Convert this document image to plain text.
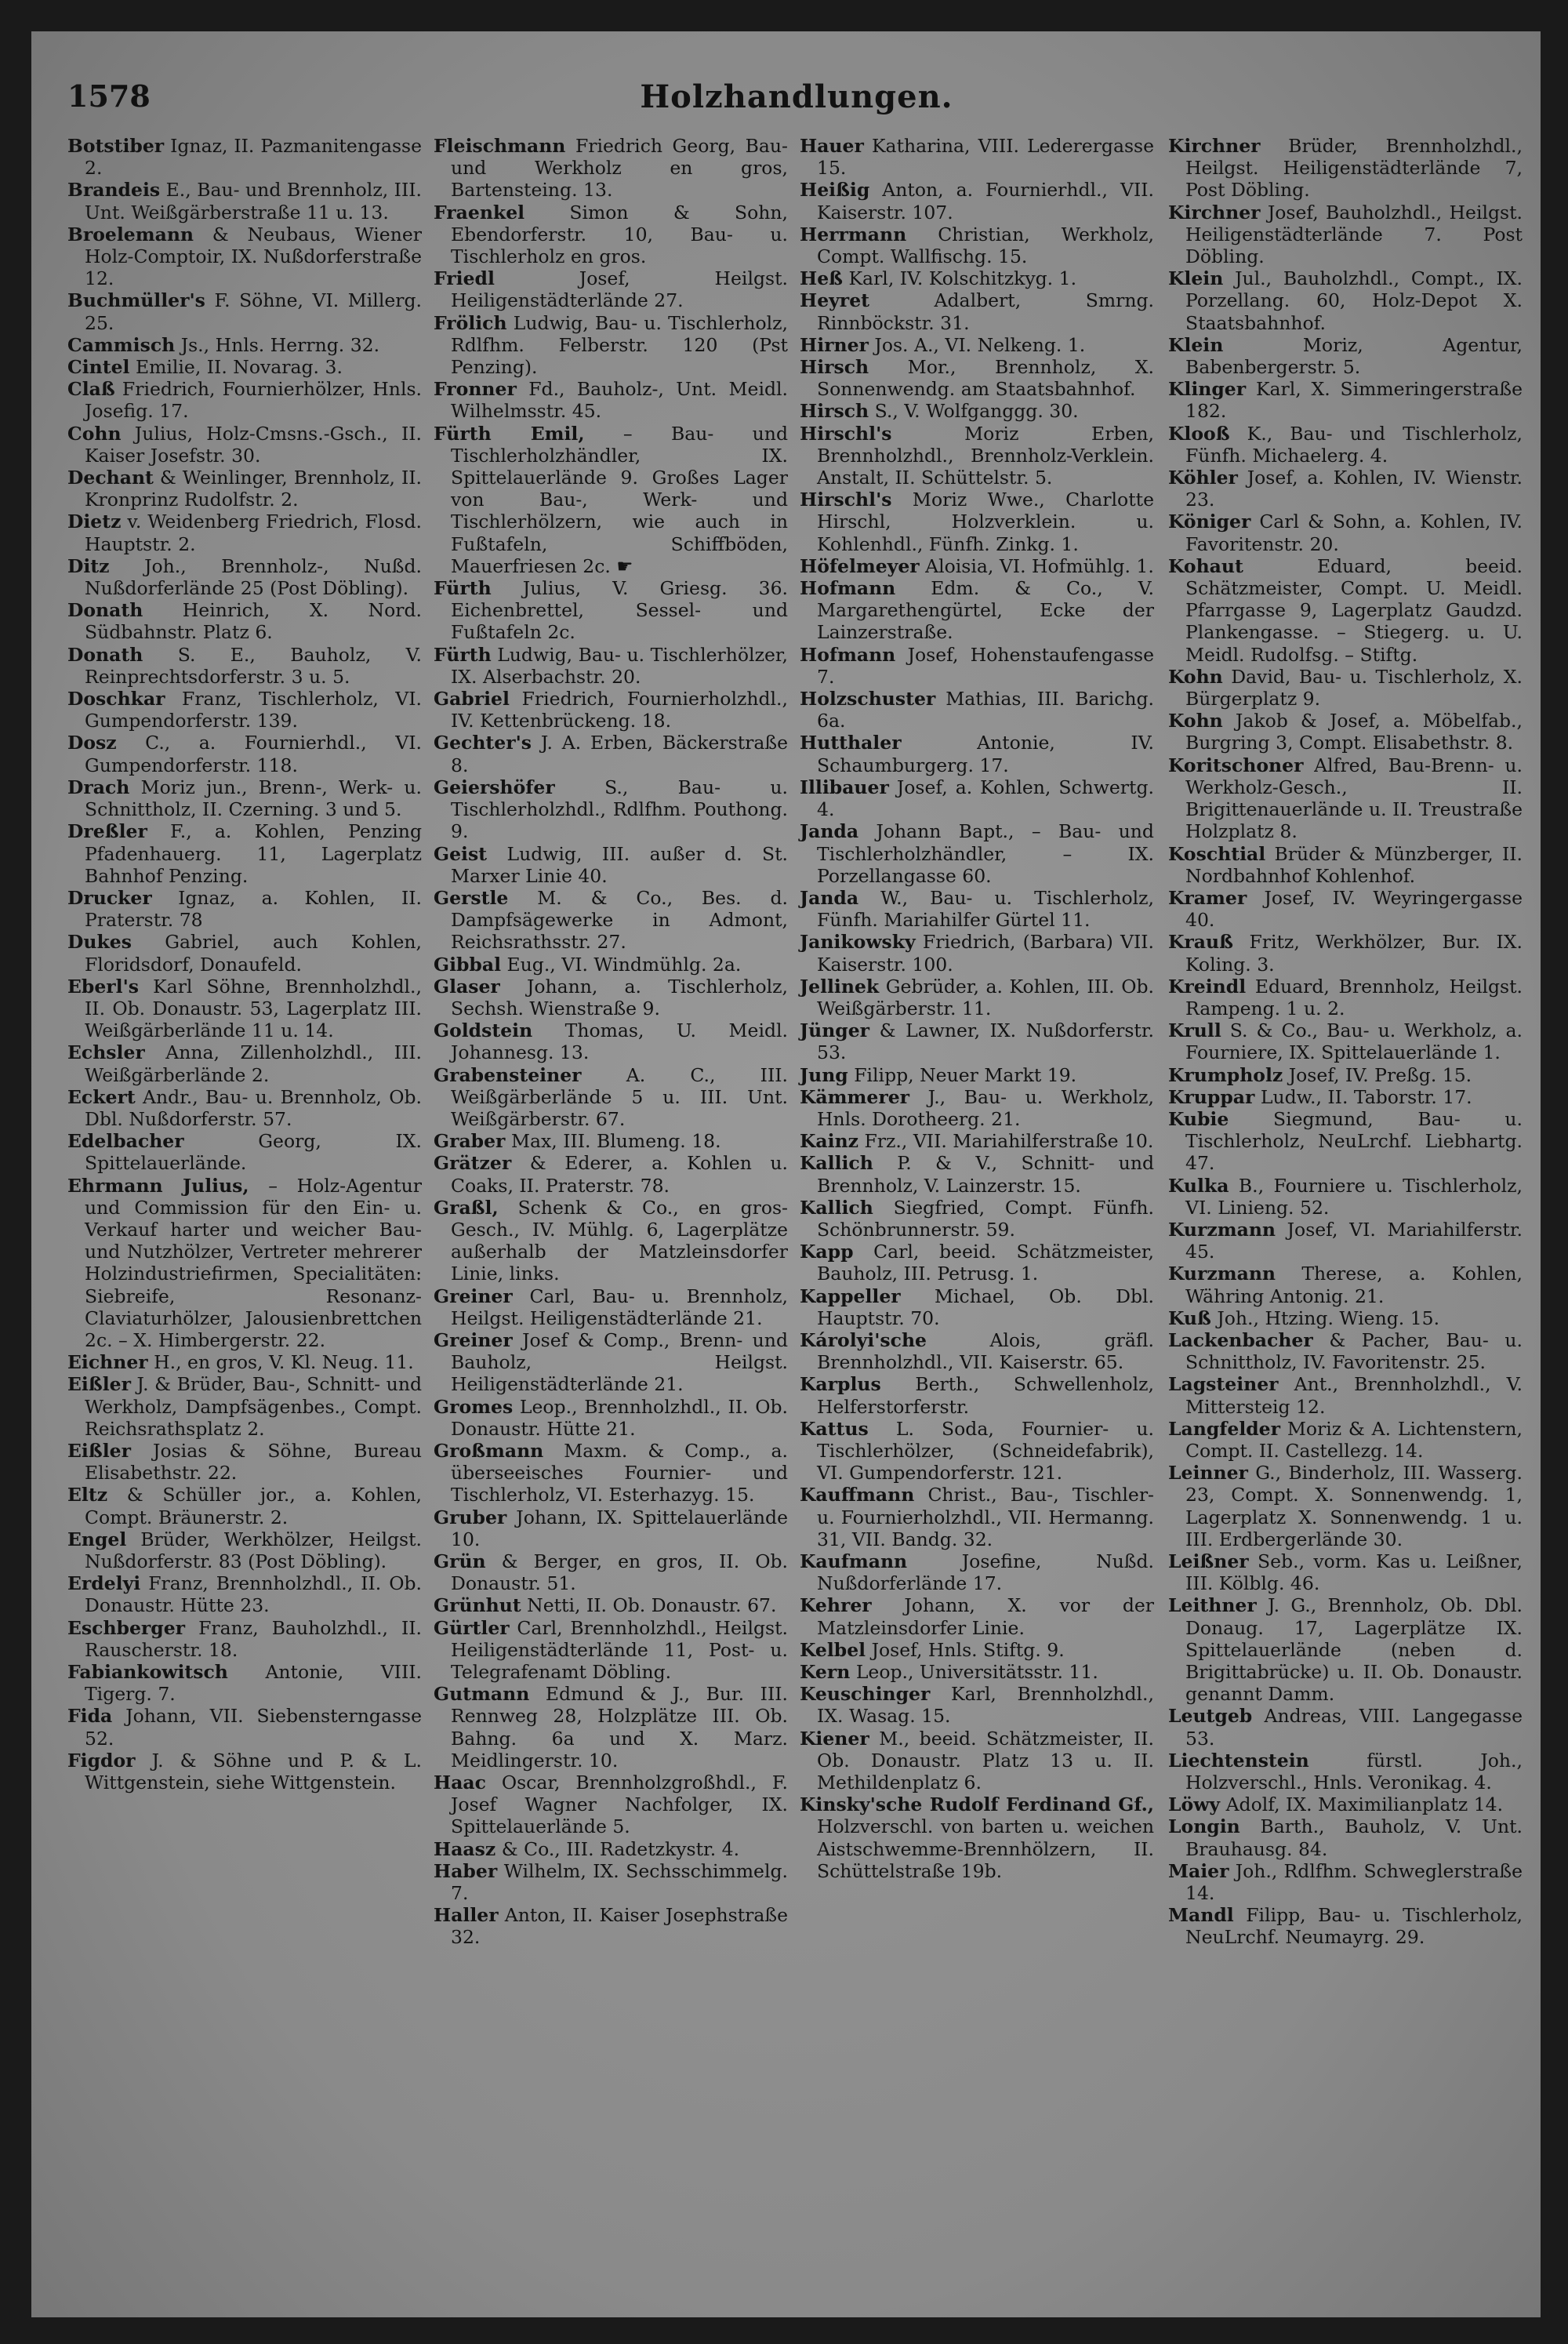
1578	Holzhandlungen.

Botstiber Ignaz, II. Pazmanitengasse 2.

Brandeis E., Bau- und Brennholz, III. Unt. Weißgärberstraße 11 u. 13.

Broelemann & Neubaus, Wiener Holz-Comptoir, IX. Nußdorferstraße 12.

Buchmüller's F. Söhne, VI. Millerg. 25.

Cammisch Js., Hnls. Herrng. 32.

Cintel Emilie, II. Novarag. 3.

Claß Friedrich, Fournierhölzer, Hnls. Josefig. 17.

Cohn Julius, Holz-Cmsns.-Gsch., II. Kaiser Josefstr. 30.

Dechant & Weinlinger, Brennholz, II. Kronprinz Rudolfstr. 2.

Dietz v. Weidenberg Friedrich, Flosd. Hauptstr. 2.

Ditz Joh., Brennholz-, Nußd. Nußdorferlände 25 (Post Döbling).

Donath Heinrich, X. Nord. Südbahnstr. Platz 6.

Donath S. E., Bauholz, V. Reinprechtsdorferstr. 3 u. 5.

Doschkar Franz, Tischlerholz, VI. Gumpendorferstr. 139.

Dosz C., a. Fournierhdl., VI. Gumpendorferstr. 118.

Drach Moriz jun., Brenn-, Werk- u. Schnittholz, II. Czerning. 3 und 5.

Dreßler F., a. Kohlen, Penzing Pfadenhauerg. 11, Lagerplatz Bahnhof Penzing.

Drucker Ignaz, a. Kohlen, II. Praterstr. 78

Dukes Gabriel, auch Kohlen, Floridsdorf, Donaufeld.

Eberl's Karl Söhne, Brennholzhdl., II. Ob. Donaustr. 53, Lagerplatz III. Weißgärberlände 11 u. 14.

Echsler Anna, Zillenholzhdl., III. Weißgärberlände 2.

Eckert Andr., Bau- u. Brennholz, Ob. Dbl. Nußdorferstr. 57.

Edelbacher	Georg, IX. Spittelauerlände.

Ehrmann Julius, – Holz-Agentur und Commission für den Ein- u. Verkauf harter und weicher Bau- und Nutzhölzer, Vertreter mehrerer Holzindustriefirmen, Specialitäten: Siebreife, Resonanz-Claviaturhölzer, Jalousienbrettchen 2c. – X. Himbergerstr. 22.

Eichner H., en gros, V. Kl. Neug. 11.

Eißler J. & Brüder, Bau-, Schnitt- und Werkholz, Dampfsägenbes., Compt. Reichsrathsplatz 2.

Eißler Josias & Söhne, Bureau Elisabethstr. 22.

Eltz & Schüller jor., a. Kohlen, Compt. Bräunerstr. 2.

Engel Brüder, Werkhölzer, Heilgst. Nußdorferstr. 83 (Post Döbling).

Erdelyi Franz, Brennholzhdl., II. Ob. Donaustr. Hütte 23.

Eschberger Franz, Bauholzhdl., II. Rauscherstr. 18.

Fabiankowitsch Antonie, VIII. Tigerg. 7.

Fida Johann, VII. Siebensterngasse 52.

Figdor J. & Söhne und P. & L. Wittgenstein, siehe Wittgenstein.

Fleischmann Friedrich Georg, Bau- und Werkholz en gros, Bartensteing. 13.

Fraenkel Simon & Sohn, Ebendorferstr. 10, Bau- u. Tischlerholz en gros.

Friedl	Josef, Heilgst. Heiligenstädterlände 27.

Frölich Ludwig, Bau- u. Tischlerholz, Rdlfhm. Felberstr. 120 (Pst Penzing).

Fronner Fd., Bauholz-, Unt. Meidl. Wilhelmsstr. 45.

Fürth Emil, – Bau- und Tischlerholzhändler, IX. Spittelauerlände 9. Großes Lager von Bau-, Werk- und Tischlerhölzern, wie auch in Fußtafeln, Schiffböden, Mauerfriesen 2c. ☛

Fürth Julius, V. Griesg. 36. Eichenbrettel, Sessel- und Fußtafeln 2c.

Fürth Ludwig, Bau- u. Tischlerhölzer, IX. Alserbachstr. 20.

Gabriel Friedrich, Fournierholzhdl., IV. Kettenbrückeng. 18.

Gechter's J. A. Erben, Bäckerstraße 8.

Geiershöfer	S., Bau- u. Tischlerholzhdl., Rdlfhm. Pouthong. 9.

Geist Ludwig, III. außer d. St. Marxer Linie 40.

Gerstle M. & Co., Bes. d. Dampfsägewerke in Admont, Reichsrathsstr. 27.

Gibbal Eug., VI. Windmühlg. 2a.

Glaser Johann, a. Tischlerholz, Sechsh. Wienstraße 9.

Goldstein Thomas, U. Meidl. Johannesg. 13.

Grabensteiner A. C., III. Weißgärberlände 5 u. III. Unt. Weißgärberstr. 67.

Graber Max, III. Blumeng. 18.

Grätzer & Ederer, a. Kohlen u. Coaks, II. Praterstr. 78.

Graßl, Schenk & Co., en gros-Gesch., IV. Mühlg. 6, Lagerplätze außerhalb der Matzleinsdorfer Linie, links.

Greiner Carl, Bau- u. Brennholz, Heilgst. Heiligenstädterlände 21.

Greiner Josef & Comp., Brenn- und Bauholz, Heilgst. Heiligenstädterlände 21.

Gromes Leop., Brennholzhdl., II. Ob. Donaustr. Hütte 21.

Großmann Maxm. & Comp., a. überseeisches Fournier- und Tischlerholz, VI. Esterhazyg. 15.

Gruber Johann, IX. Spittelauerlände 10.

Grün & Berger, en gros, II. Ob. Donaustr. 51.

Grünhut Netti, II. Ob. Donaustr. 67.

Gürtler Carl, Brennholzhdl., Heilgst. Heiligenstädterlände 11, Post- u. Telegrafenamt Döbling.

Gutmann Edmund & J., Bur. III. Rennweg 28, Holzplätze III. Ob. Bahng. 6a und X. Marz. Meidlingerstr. 10.

Haac Oscar, Brennholzgroßhdl., F. Josef Wagner Nachfolger, IX. Spittelauerlände 5.

Haasz & Co., III. Radetzkystr. 4.

Haber Wilhelm, IX. Sechsschimmelg. 7.

Haller Anton, II. Kaiser Josephstraße 32.

Hauer Katharina, VIII. Lederergasse 15.

Heißig Anton, a. Fournierhdl., VII. Kaiserstr. 107.

Herrmann Christian, Werkholz, Compt. Wallfischg. 15.

Heß Karl, IV. Kolschitzkyg. 1.

Heyret	Adalbert, Smrng. Rinnböckstr. 31.

Hirner Jos. A., VI. Nelkeng. 1.

Hirsch Mor., Brennholz, X. Sonnenwendg. am Staatsbahnhof.

Hirsch S., V. Wolfganggg. 30.

Hirschl's	Moriz Erben, Brennholzhdl., Brennholz-Verklein. Anstalt, II. Schüttelstr. 5.

Hirschl's Moriz Wwe., Charlotte Hirschl, Holzverklein. u. Kohlenhdl., Fünfh. Zinkg. 1.

Höfelmeyer Aloisia, VI. Hofmühlg. 1.

Hofmann Edm. & Co., V. Margarethengürtel, Ecke der Lainzerstraße.

Hofmann Josef, Hohenstaufengasse 7.

Holzschuster Mathias, III. Barichg. 6a.

Hutthaler	Antonie, IV. Schaumburgerg. 17.

Illibauer Josef, a. Kohlen, Schwertg. 4.

Janda Johann Bapt., – Bau- und Tischlerholzhändler, – IX. Porzellangasse 60.

Janda W., Bau- u. Tischlerholz, Fünfh. Mariahilfer Gürtel 11.

Janikowsky Friedrich, (Barbara) VII. Kaiserstr. 100.

Jellinek Gebrüder, a. Kohlen, III. Ob. Weißgärberstr. 11.

Jünger & Lawner, IX. Nußdorferstr. 53.

Jung Filipp, Neuer Markt 19.

Kämmerer J., Bau- u. Werkholz, Hnls. Dorotheerg. 21.

Kainz Frz., VII. Mariahilferstraße 10.

Kallich P. & V., Schnitt- und Brennholz, V. Lainzerstr. 15.

Kallich Siegfried, Compt. Fünfh. Schönbrunnerstr. 59.

Kapp Carl, beeid. Schätzmeister, Bauholz, III. Petrusg. 1.

Kappeller Michael, Ob. Dbl. Hauptstr. 70.

Károlyi'sche	Alois, gräfl. Brennholzhdl., VII. Kaiserstr. 65.

Karplus Berth., Schwellenholz, Helferstorferstr.

Kattus L. Soda, Fournier- u. Tischlerhölzer, (Schneidefabrik), VI. Gumpendorferstr. 121.

Kauffmann Christ., Bau-, Tischler- u. Fournierholzhdl., VII. Hermanng. 31, VII. Bandg. 32.

Kaufmann	Josefine, Nußd. Nußdorferlände 17.

Kehrer Johann, X. vor der Matzleinsdorfer Linie.

Kelbel Josef, Hnls. Stiftg. 9.

Kern Leop., Universitätsstr. 11.

Keuschinger Karl, Brennholzhdl., IX. Wasag. 15.

Kiener M., beeid. Schätzmeister, II. Ob. Donaustr. Platz 13 u. II. Methildenplatz 6.

Kinsky'sche Rudolf Ferdinand Gf., Holzverschl. von barten u. weichen Aistschwemme-Brennhölzern, II. Schüttelstraße 19b.

Kirchner Brüder, Brennholzhdl., Heilgst. Heiligenstädterlände 7, Post Döbling.

Kirchner Josef, Bauholzhdl., Heilgst. Heiligenstädterlände 7. Post Döbling.

Klein Jul., Bauholzhdl., Compt., IX. Porzellang. 60, Holz-Depot X. Staatsbahnhof.

Klein	Moriz, Agentur, Babenbergerstr. 5.

Klinger Karl, X. Simmeringerstraße 182.

Klooß K., Bau- und Tischlerholz, Fünfh. Michaelerg. 4.

Köhler Josef, a. Kohlen, IV. Wienstr. 23.

Königer Carl & Sohn, a. Kohlen, IV. Favoritenstr. 20.

Kohaut	Eduard, beeid. Schätzmeister, Compt. U. Meidl. Pfarrgasse 9, Lagerplatz Gaudzd. Plankengasse. – Stiegerg. u. U. Meidl. Rudolfsg. – Stiftg.

Kohn David, Bau- u. Tischlerholz, X. Bürgerplatz 9.

Kohn Jakob & Josef, a. Möbelfab., Burgring 3, Compt. Elisabethstr. 8.

Koritschoner Alfred, Bau-Brenn- u. Werkholz-Gesch., II. Brigittenauerlände u. II. Treustraße Holzplatz 8.

Koschtial Brüder & Münzberger, II. Nordbahnhof Kohlenhof.

Kramer Josef, IV. Weyringergasse 40.

Krauß Fritz, Werkhölzer, Bur. IX. Koling. 3.

Kreindl Eduard, Brennholz, Heilgst. Rampeng. 1 u. 2.

Krull S. & Co., Bau- u. Werkholz, a. Fourniere, IX. Spittelauerlände 1.

Krumpholz Josef, IV. Preßg. 15.

Kruppar Ludw., II. Taborstr. 17.

Kubie Siegmund, Bau- u. Tischlerholz, NeuLrchf. Liebhartg. 47.

Kulka B., Fourniere u. Tischlerholz, VI. Linieng. 52.

Kurzmann Josef, VI. Mariahilferstr. 45.

Kurzmann Therese, a. Kohlen, Währing Antonig. 21.

Kuß Joh., Htzing. Wieng. 15.

Lackenbacher & Pacher, Bau- u. Schnittholz, IV. Favoritenstr. 25.

Lagsteiner Ant., Brennholzhdl., V. Mittersteig 12.

Langfelder Moriz & A. Lichtenstern, Compt. II. Castellezg. 14.

Leinner G., Binderholz, III. Wasserg. 23, Compt. X. Sonnenwendg. 1, Lagerplatz X. Sonnenwendg. 1 u. III. Erdbergerlände 30.

Leißner Seb., vorm. Kas u. Leißner, III. Kölblg. 46.

Leithner J. G., Brennholz, Ob. Dbl. Donaug. 17, Lagerplätze IX. Spittelauerlände (neben d. Brigittabrücke) u. II. Ob. Donaustr. genannt Damm.

Leutgeb Andreas, VIII. Langegasse 53.

Liechtenstein	fürstl. Joh., Holzverschl., Hnls. Veronikag. 4.

Löwy Adolf, IX. Maximilianplatz 14.

Longin Barth., Bauholz, V. Unt. Brauhausg. 84.

Maier Joh., Rdlfhm. Schweglerstraße 14.

Mandl Filipp, Bau- u. Tischlerholz, NeuLrchf. Neumayrg. 29.
